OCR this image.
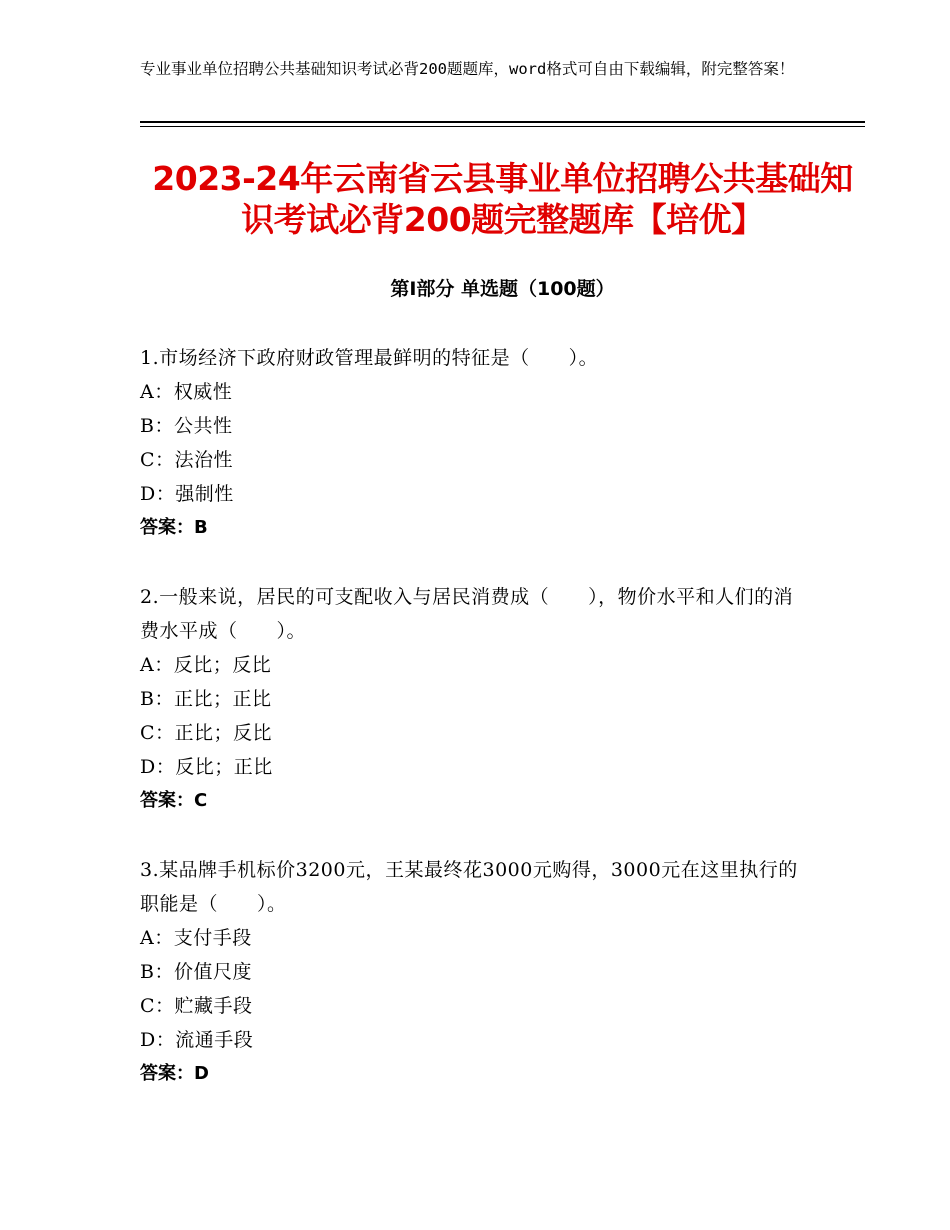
专业事业单位招聘公共基础知识考试必背200题题库，word格式可自由下载编辑，附完整答案！
2023-24年云南省云县事业单位招聘公共基础知识考试必背200题完整题库【培优】
第I部分 单选题（100题）
1.市场经济下政府财政管理最鲜明的特征是（　　）。
A：权威性
B：公共性
C：法治性
D：强制性
答案：B
2.一般来说，居民的可支配收入与居民消费成（　　），物价水平和人们的消费水平成（　　）。
A：反比；反比
B：正比；正比
C：正比；反比
D：反比；正比
答案：C
3.某品牌手机标价3200元，王某最终花3000元购得，3000元在这里执行的职能是（　　）。
A：支付手段
B：价值尺度
C：贮藏手段
D：流通手段
答案：D
